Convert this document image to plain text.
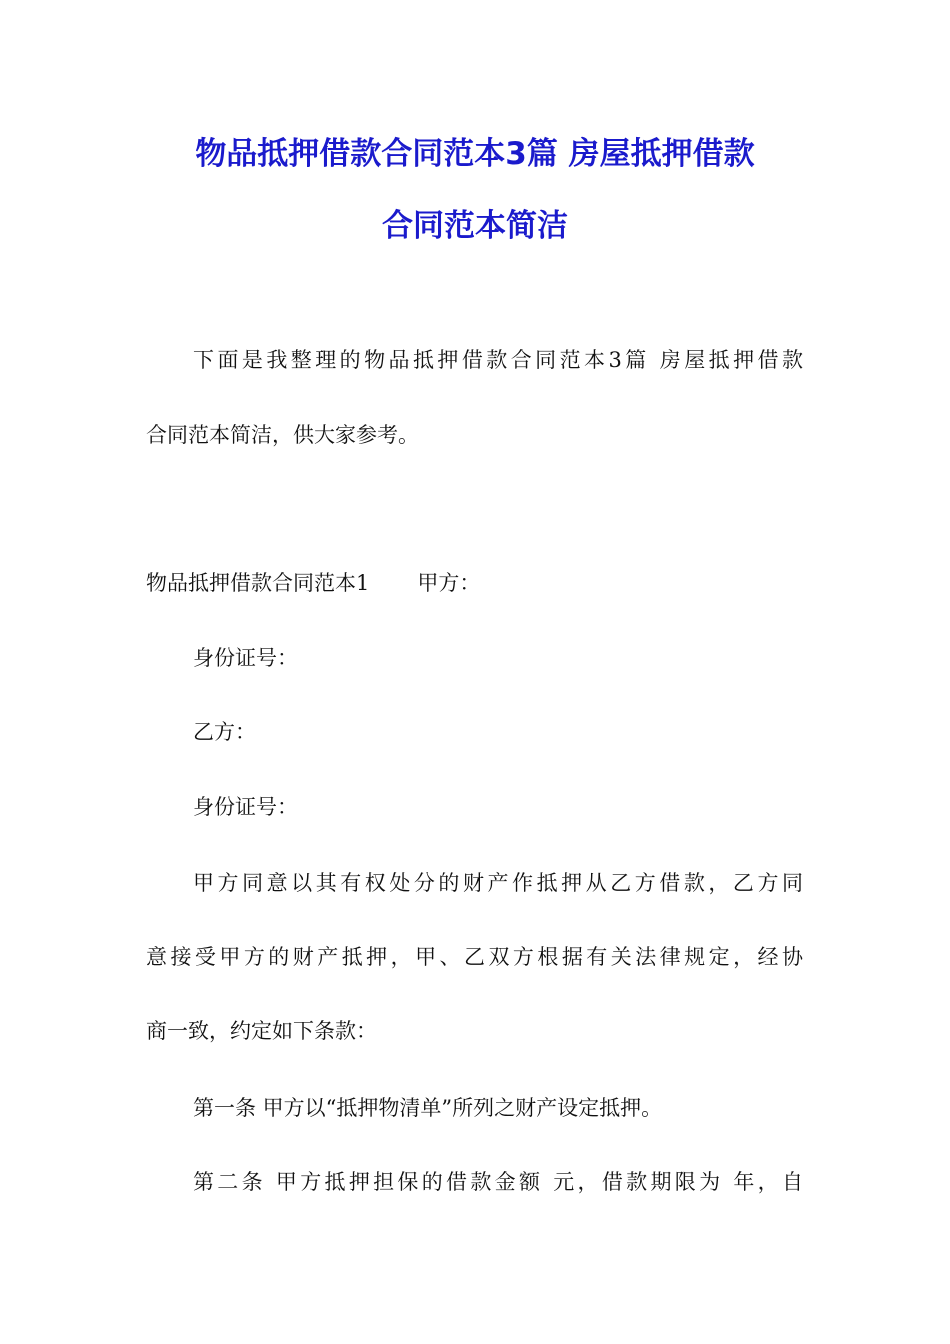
物品抵押借款合同范本3篇 房屋抵押借款
合同范本简洁
下面是我整理的物品抵押借款合同范本3篇 房屋抵押借款
合同范本简洁，供大家参考。
物品抵押借款合同范本1 甲方：
身份证号：
乙方：
身份证号：
甲方同意以其有权处分的财产作抵押从乙方借款，乙方同
意接受甲方的财产抵押，甲、乙双方根据有关法律规定，经协
商一致，约定如下条款：
第一条 甲方以“抵押物清单”所列之财产设定抵押。
第二条 甲方抵押担保的借款金额 元，借款期限为 年，自
